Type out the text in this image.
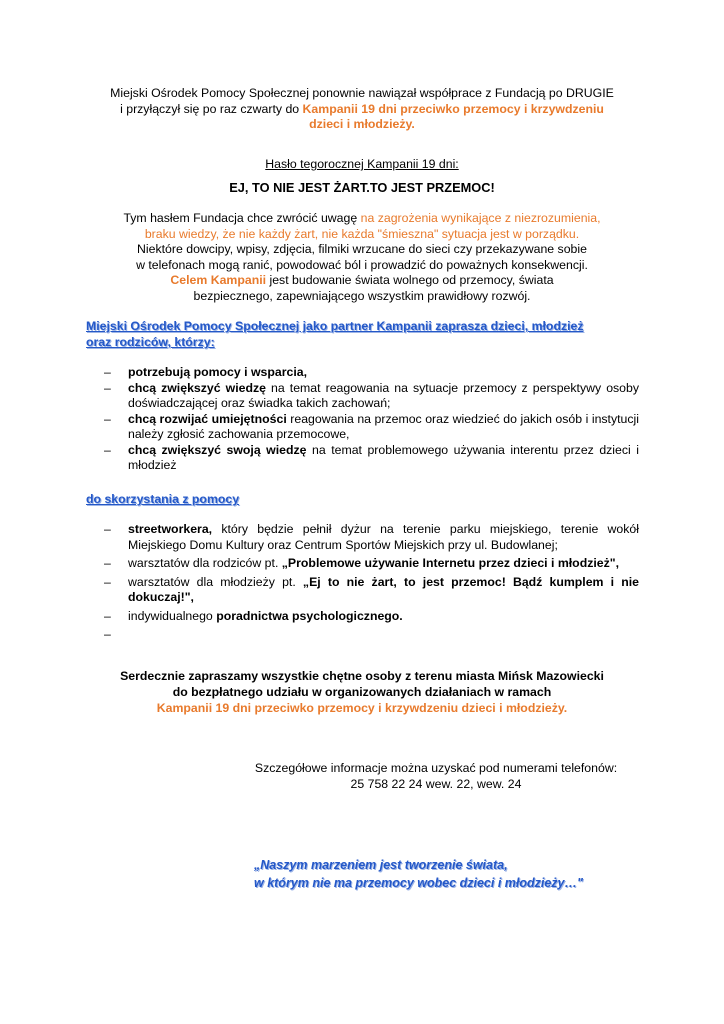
Miejski Ośrodek Pomocy Społecznej ponownie nawiązał współprace z Fundacją po DRUGIE
i przyłączył się po raz czwarty do Kampanii 19 dni przeciwko przemocy i krzywdzeniu
dzieci i młodzieży.
Hasło tegorocznej Kampanii 19 dni:
EJ, TO NIE JEST ŻART.TO JEST PRZEMOC!
Tym hasłem Fundacja chce zwrócić uwagę na zagrożenia wynikające z niezrozumienia,
braku wiedzy, że nie każdy żart, nie każda "śmieszna" sytuacja jest w porządku.
Niektóre dowcipy, wpisy, zdjęcia, filmiki wrzucane do sieci czy przekazywane sobie
w telefonach mogą ranić, powodować ból i prowadzić do poważnych konsekwencji.
Celem Kampanii jest budowanie świata wolnego od przemocy, świata
bezpiecznego, zapewniającego wszystkim prawidłowy rozwój.
Miejski Ośrodek Pomocy Społecznej jako partner Kampanii zaprasza dzieci, młodzież
oraz rodziców, którzy:
– potrzebują pomocy i wsparcia,
– chcą zwiększyć wiedzę na temat reagowania na sytuacje przemocy z perspektywy osoby doświadczającej oraz świadka takich zachowań;
– chcą rozwijać umiejętności reagowania na przemoc oraz wiedzieć do jakich osób i instytucji należy zgłosić zachowania przemocowe,
– chcą zwiększyć swoją wiedzę na temat problemowego używania interentu przez dzieci i młodzież
do skorzystania z pomocy
– streetworkera, który będzie pełnił dyżur na terenie parku miejskiego, terenie wokół Miejskiego Domu Kultury oraz Centrum Sportów Miejskich przy ul. Budowlanej;
– warsztatów dla rodziców pt. „Problemowe używanie Internetu przez dzieci i młodzież",
– warsztatów dla młodzieży pt. „Ej to nie żart, to jest przemoc! Bądź kumplem i nie dokuczaj!",
– indywidualnego poradnictwa psychologicznego.
–

Serdecznie zapraszamy wszystkie chętne osoby z terenu miasta Mińsk Mazowiecki
do bezpłatnego udziału w organizowanych działaniach w ramach
Kampanii 19 dni przeciwko przemocy i krzywdzeniu dzieci i młodzieży.
Szczegółowe informacje można uzyskać pod numerami telefonów:
25 758 22 24 wew. 22, wew. 24
„Naszym marzeniem jest tworzenie świata,
w którym nie ma przemocy wobec dzieci i młodzieży…"
